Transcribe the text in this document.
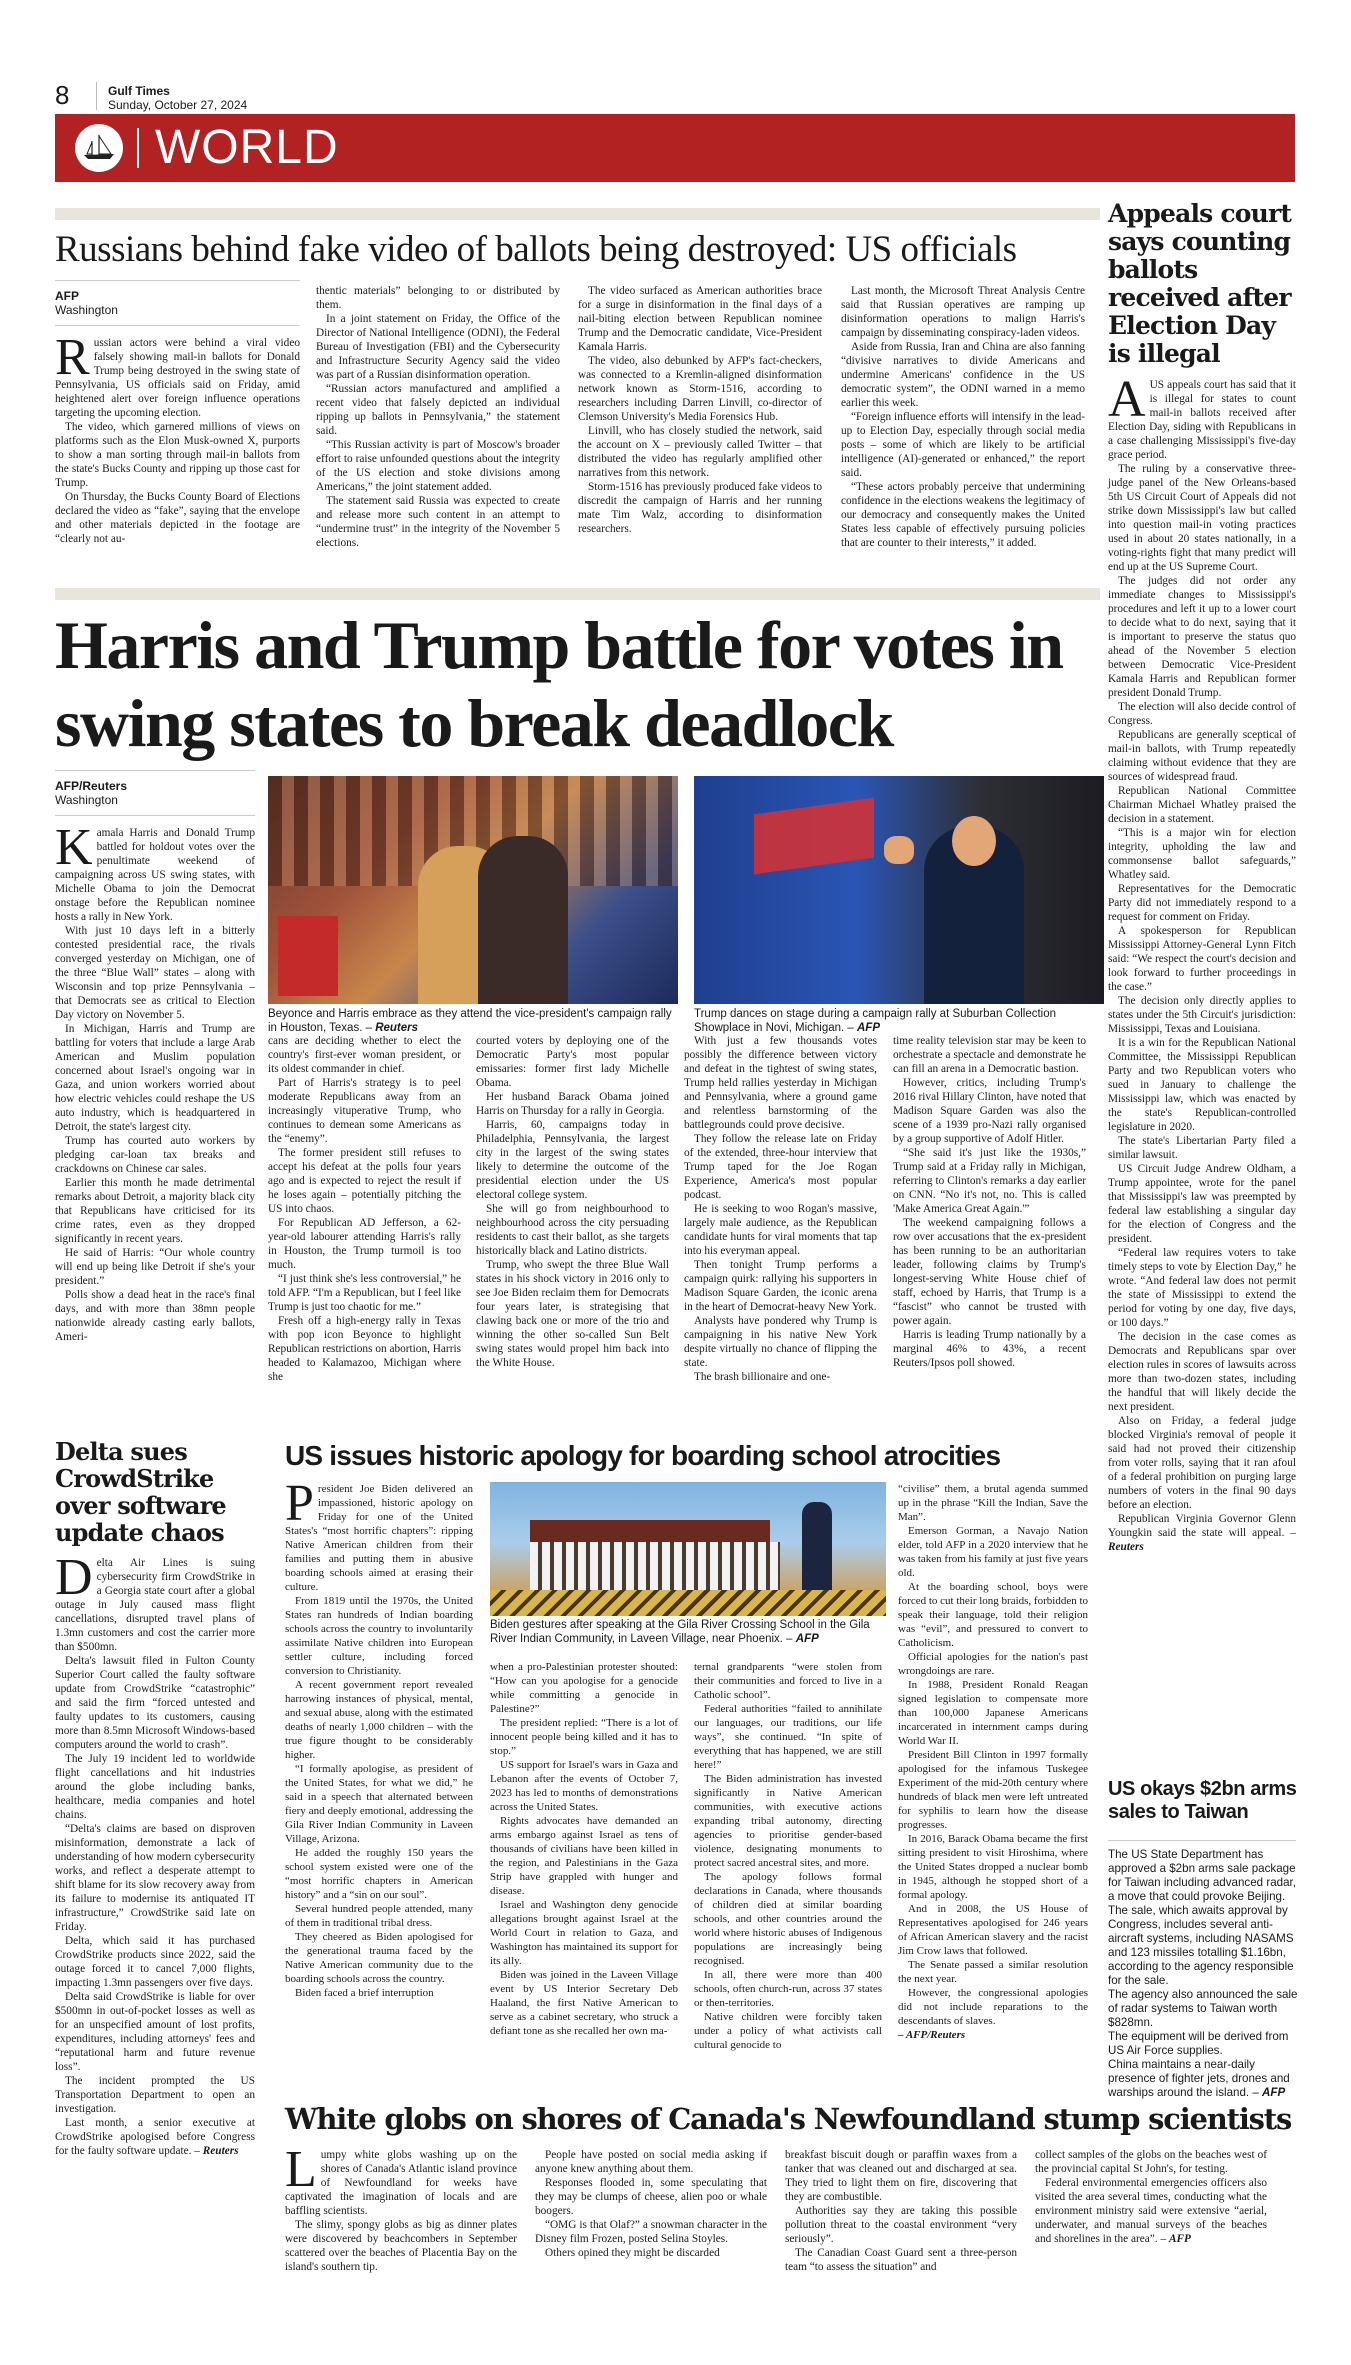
8	Gulf Times
Sunday, October 27, 2024
WORLD
Russians behind fake video of ballots being destroyed: US officials
AFP
Washington

Russian actors were behind a viral video falsely showing mail-in ballots for Donald Trump being destroyed in the swing state of Pennsylvania, US officials said on Friday, amid heightened alert over foreign influence operations targeting the upcoming election.

The video, which garnered millions of views on platforms such as the Elon Musk-owned X, purports to show a man sorting through mail-in ballots from the state's Bucks County and ripping up those cast for Trump.

On Thursday, the Bucks County Board of Elections declared the video as “fake”, saying that the envelope and other materials depicted in the footage are “clearly not au-

thentic materials” belonging to or distributed by them.

In a joint statement on Friday, the Office of the Director of National Intelligence (ODNI), the Federal Bureau of Investigation (FBI) and the Cybersecurity and Infrastructure Security Agency said the video was part of a Russian disinformation operation.

“Russian actors manufactured and amplified a recent video that falsely depicted an individual ripping up ballots in Pennsylvania,” the statement said.

“This Russian activity is part of Moscow's broader effort to raise unfounded questions about the integrity of the US election and stoke divisions among Americans,” the joint statement added.

The statement said Russia was expected to create and release more such content in an attempt to “undermine trust” in the integrity of the November 5 elections.

The video surfaced as American authorities brace for a surge in disinformation in the final days of a nail-biting election between Republican nominee Trump and the Democratic candidate, Vice-President Kamala Harris.

The video, also debunked by AFP's fact-checkers, was connected to a Kremlin-aligned disinformation network known as Storm-1516, according to researchers including Darren Linvill, co-director of Clemson University's Media Forensics Hub.

Linvill, who has closely studied the network, said the account on X – previously called Twitter – that distributed the video has regularly amplified other narratives from this network.

Storm-1516 has previously produced fake videos to discredit the campaign of Harris and her running mate Tim Walz, according to disinformation researchers.

Last month, the Microsoft Threat Analysis Centre said that Russian operatives are ramping up disinformation operations to malign Harris's campaign by disseminating conspiracy-laden videos.

Aside from Russia, Iran and China are also fanning “divisive narratives to divide Americans and undermine Americans' confidence in the US democratic system”, the ODNI warned in a memo earlier this week.

“Foreign influence efforts will intensify in the lead-up to Election Day, especially through social media posts – some of which are likely to be artificial intelligence (AI)-generated or enhanced,” the report said.

“These actors probably perceive that undermining confidence in the elections weakens the legitimacy of our democracy and consequently makes the United States less capable of effectively pursuing policies that are counter to their interests,” it added.

Appeals court says counting ballots received after Election Day is illegal

A US appeals court has said that it is illegal for states to count mail-in ballots received after Election Day, siding with Republicans in a case challenging Mississippi's five-day grace period.

The ruling by a conservative three-judge panel of the New Orleans-based 5th US Circuit Court of Appeals did not strike down Mississippi's law but called into question mail-in voting practices used in about 20 states nationally, in a voting-rights fight that many predict will end up at the US Supreme Court.

The judges did not order any immediate changes to Mississippi's procedures and left it up to a lower court to decide what to do next, saying that it is important to preserve the status quo ahead of the November 5 election between Democratic Vice-President Kamala Harris and Republican former president Donald Trump.

The election will also decide control of Congress.

Republicans are generally sceptical of mail-in ballots, with Trump repeatedly claiming without evidence that they are sources of widespread fraud.

Republican National Committee Chairman Michael Whatley praised the decision in a statement.

“This is a major win for election integrity, upholding the law and commonsense ballot safeguards,” Whatley said.

Representatives for the Democratic Party did not immediately respond to a request for comment on Friday.

A spokesperson for Republican Mississippi Attorney-General Lynn Fitch said: “We respect the court's decision and look forward to further proceedings in the case.”

The decision only directly applies to states under the 5th Circuit's jurisdiction: Mississippi, Texas and Louisiana.

It is a win for the Republican National Committee, the Mississippi Republican Party and two Republican voters who sued in January to challenge the Mississippi law, which was enacted by the state's Republican-controlled legislature in 2020.

The state's Libertarian Party filed a similar lawsuit.

US Circuit Judge Andrew Oldham, a Trump appointee, wrote for the panel that Mississippi's law was preempted by federal law establishing a singular day for the election of Congress and the president.

“Federal law requires voters to take timely steps to vote by Election Day,” he wrote. “And federal law does not permit the state of Mississippi to extend the period for voting by one day, five days, or 100 days.”

The decision in the case comes as Democrats and Republicans spar over election rules in scores of lawsuits across more than two-dozen states, including the handful that will likely decide the next president.

Also on Friday, a federal judge blocked Virginia's removal of people it said had not proved their citizenship from voter rolls, saying that it ran afoul of a federal prohibition on purging large numbers of voters in the final 90 days before an election.

Republican Virginia Governor Glenn Youngkin said the state will appeal. – Reuters

Harris and Trump battle for votes in swing states to break deadlock
AFP/Reuters
Washington

Kamala Harris and Donald Trump battled for holdout votes over the penultimate weekend of campaigning across US swing states, with Michelle Obama to join the Democrat onstage before the Republican nominee hosts a rally in New York.

With just 10 days left in a bitterly contested presidential race, the rivals converged yesterday on Michigan, one of the three “Blue Wall” states – along with Wisconsin and top prize Pennsylvania – that Democrats see as critical to Election Day victory on November 5.

In Michigan, Harris and Trump are battling for voters that include a large Arab American and Muslim population concerned about Israel's ongoing war in Gaza, and union workers worried about how electric vehicles could reshape the US auto industry, which is headquartered in Detroit, the state's largest city.

Trump has courted auto workers by pledging car-loan tax breaks and crackdowns on Chinese car sales.

Earlier this month he made detrimental remarks about Detroit, a majority black city that Republicans have criticised for its crime rates, even as they dropped significantly in recent years.

He said of Harris: “Our whole country will end up being like Detroit if she's your president.”

Polls show a dead heat in the race's final days, and with more than 38mn people nationwide already casting early ballots, Ameri-

Beyonce and Harris embrace as they attend the vice-president's campaign rally in Houston, Texas. – Reuters
Trump dances on stage during a campaign rally at Suburban Collection Showplace in Novi, Michigan. – AFP

cans are deciding whether to elect the country's first-ever woman president, or its oldest commander in chief.

Part of Harris's strategy is to peel moderate Republicans away from an increasingly vituperative Trump, who continues to demean some Americans as the “enemy”.

The former president still refuses to accept his defeat at the polls four years ago and is expected to reject the result if he loses again – potentially pitching the US into chaos.

For Republican AD Jefferson, a 62-year-old labourer attending Harris's rally in Houston, the Trump turmoil is too much.

“I just think she's less controversial,” he told AFP. “I'm a Republican, but I feel like Trump is just too chaotic for me.”

Fresh off a high-energy rally in Texas with pop icon Beyonce to highlight Republican restrictions on abortion, Harris headed to Kalamazoo, Michigan where she

courted voters by deploying one of the Democratic Party's most popular emissaries: former first lady Michelle Obama.

Her husband Barack Obama joined Harris on Thursday for a rally in Georgia.

Harris, 60, campaigns today in Philadelphia, Pennsylvania, the largest city in the largest of the swing states likely to determine the outcome of the presidential election under the US electoral college system.

She will go from neighbourhood to neighbourhood across the city persuading residents to cast their ballot, as she targets historically black and Latino districts.

Trump, who swept the three Blue Wall states in his shock victory in 2016 only to see Joe Biden reclaim them for Democrats four years later, is strategising that clawing back one or more of the trio and winning the other so-called Sun Belt swing states would propel him back into the White House.

With just a few thousands votes possibly the difference between victory and defeat in the tightest of swing states, Trump held rallies yesterday in Michigan and Pennsylvania, where a ground game and relentless barnstorming of the battlegrounds could prove decisive.

They follow the release late on Friday of the extended, three-hour interview that Trump taped for the Joe Rogan Experience, America's most popular podcast.

He is seeking to woo Rogan's massive, largely male audience, as the Republican candidate hunts for viral moments that tap into his everyman appeal.

Then tonight Trump performs a campaign quirk: rallying his supporters in Madison Square Garden, the iconic arena in the heart of Democrat-heavy New York.

Analysts have pondered why Trump is campaigning in his native New York despite virtually no chance of flipping the state.

The brash billionaire and one-

time reality television star may be keen to orchestrate a spectacle and demonstrate he can fill an arena in a Democratic bastion.

However, critics, including Trump's 2016 rival Hillary Clinton, have noted that Madison Square Garden was also the scene of a 1939 pro-Nazi rally organised by a group supportive of Adolf Hitler.

“She said it's just like the 1930s,” Trump said at a Friday rally in Michigan, referring to Clinton's remarks a day earlier on CNN. “No it's not, no. This is called 'Make America Great Again.'”

The weekend campaigning follows a row over accusations that the ex-president has been running to be an authoritarian leader, following claims by Trump's longest-serving White House chief of staff, echoed by Harris, that Trump is a “fascist” who cannot be trusted with power again.

Harris is leading Trump nationally by a marginal 46% to 43%, a recent Reuters/Ipsos poll showed.

Delta sues CrowdStrike over software update chaos

Delta Air Lines is suing cybersecurity firm CrowdStrike in a Georgia state court after a global outage in July caused mass flight cancellations, disrupted travel plans of 1.3mn customers and cost the carrier more than $500mn.

Delta's lawsuit filed in Fulton County Superior Court called the faulty software update from CrowdStrike “catastrophic” and said the firm “forced untested and faulty updates to its customers, causing more than 8.5mn Microsoft Windows-based computers around the world to crash”.

The July 19 incident led to worldwide flight cancellations and hit industries around the globe including banks, healthcare, media companies and hotel chains.

“Delta's claims are based on disproven misinformation, demonstrate a lack of understanding of how modern cybersecurity works, and reflect a desperate attempt to shift blame for its slow recovery away from its failure to modernise its antiquated IT infrastructure,” CrowdStrike said late on Friday.

Delta, which said it has purchased CrowdStrike products since 2022, said the outage forced it to cancel 7,000 flights, impacting 1.3mn passengers over five days.

Delta said CrowdStrike is liable for over $500mn in out-of-pocket losses as well as for an unspecified amount of lost profits, expenditures, including attorneys' fees and “reputational harm and future revenue loss”.

The incident prompted the US Transportation Department to open an investigation.

Last month, a senior executive at CrowdStrike apologised before Congress for the faulty software update. – Reuters

US issues historic apology for boarding school atrocities

President Joe Biden delivered an impassioned, historic apology on Friday for one of the United States's “most horrific chapters”: ripping Native American children from their families and putting them in abusive boarding schools aimed at erasing their culture.

From 1819 until the 1970s, the United States ran hundreds of Indian boarding schools across the country to involuntarily assimilate Native children into European settler culture, including forced conversion to Christianity.

A recent government report revealed harrowing instances of physical, mental, and sexual abuse, along with the estimated deaths of nearly 1,000 children – with the true figure thought to be considerably higher.

“I formally apologise, as president of the United States, for what we did,” he said in a speech that alternated between fiery and deeply emotional, addressing the Gila River Indian Community in Laveen Village, Arizona.

He added the roughly 150 years the school system existed were one of the “most horrific chapters in American history” and a “sin on our soul”.

Several hundred people attended, many of them in traditional tribal dress.

They cheered as Biden apologised for the generational trauma faced by the Native American community due to the boarding schools across the country.

Biden faced a brief interruption

Biden gestures after speaking at the Gila River Crossing School in the Gila River Indian Community, in Laveen Village, near Phoenix. – AFP

when a pro-Palestinian protester shouted: “How can you apologise for a genocide while committing a genocide in Palestine?”

The president replied: “There is a lot of innocent people being killed and it has to stop.”

US support for Israel's wars in Gaza and Lebanon after the events of October 7, 2023 has led to months of demonstrations across the United States.

Rights advocates have demanded an arms embargo against Israel as tens of thousands of civilians have been killed in the region, and Palestinians in the Gaza Strip have grappled with hunger and disease.

Israel and Washington deny genocide allegations brought against Israel at the World Court in relation to Gaza, and Washington has maintained its support for its ally.

Biden was joined in the Laveen Village event by US Interior Secretary Deb Haaland, the first Native American to serve as a cabinet secretary, who struck a defiant tone as she recalled her own ma-

ternal grandparents “were stolen from their communities and forced to live in a Catholic school”.

Federal authorities “failed to annihilate our languages, our traditions, our life ways”, she continued. “In spite of everything that has happened, we are still here!”

The Biden administration has invested significantly in Native American communities, with executive actions expanding tribal autonomy, directing agencies to prioritise gender-based violence, designating monuments to protect sacred ancestral sites, and more.

The apology follows formal declarations in Canada, where thousands of children died at similar boarding schools, and other countries around the world where historic abuses of Indigenous populations are increasingly being recognised.

In all, there were more than 400 schools, often church-run, across 37 states or then-territories.

Native children were forcibly taken under a policy of what activists call cultural genocide to

“civilise” them, a brutal agenda summed up in the phrase “Kill the Indian, Save the Man”.

Emerson Gorman, a Navajo Nation elder, told AFP in a 2020 interview that he was taken from his family at just five years old.

At the boarding school, boys were forced to cut their long braids, forbidden to speak their language, told their religion was “evil”, and pressured to convert to Catholicism.

Official apologies for the nation's past wrongdoings are rare.

In 1988, President Ronald Reagan signed legislation to compensate more than 100,000 Japanese Americans incarcerated in internment camps during World War II.

President Bill Clinton in 1997 formally apologised for the infamous Tuskegee Experiment of the mid-20th century where hundreds of black men were left untreated for syphilis to learn how the disease progresses.

In 2016, Barack Obama became the first sitting president to visit Hiroshima, where the United States dropped a nuclear bomb in 1945, although he stopped short of a formal apology.

And in 2008, the US House of Representatives apologised for 246 years of African American slavery and the racist Jim Crow laws that followed.

The Senate passed a similar resolution the next year.

However, the congressional apologies did not include reparations to the descendants of slaves.

– AFP/Reuters

US okays $2bn arms sales to Taiwan

The US State Department has approved a $2bn arms sale package for Taiwan including advanced radar, a move that could provoke Beijing.

The sale, which awaits approval by Congress, includes several anti-aircraft systems, including NASAMS and 123 missiles totalling $1.16bn, according to the agency responsible for the sale.

The agency also announced the sale of radar systems to Taiwan worth $828mn.

The equipment will be derived from US Air Force supplies.

China maintains a near-daily presence of fighter jets, drones and warships around the island. – AFP

White globs on shores of Canada's Newfoundland stump scientists

Lumpy white globs washing up on the shores of Canada's Atlantic island province of Newfoundland for weeks have captivated the imagination of locals and are baffling scientists.

The slimy, spongy globs as big as dinner plates were discovered by beachcombers in September scattered over the beaches of Placentia Bay on the island's southern tip.

People have posted on social media asking if anyone knew anything about them.

Responses flooded in, some speculating that they may be clumps of cheese, alien poo or whale boogers.

“OMG is that Olaf?” a snowman character in the Disney film Frozen, posted Selina Stoyles.

Others opined they might be discarded

breakfast biscuit dough or paraffin waxes from a tanker that was cleaned out and discharged at sea. They tried to light them on fire, discovering that they are combustible.

Authorities say they are taking this possible pollution threat to the coastal environment “very seriously”.

The Canadian Coast Guard sent a three-person team “to assess the situation” and

collect samples of the globs on the beaches west of the provincial capital St John's, for testing.

Federal environmental emergencies officers also visited the area several times, conducting what the environment ministry said were extensive “aerial, underwater, and manual surveys of the beaches and shorelines in the area”. – AFP
